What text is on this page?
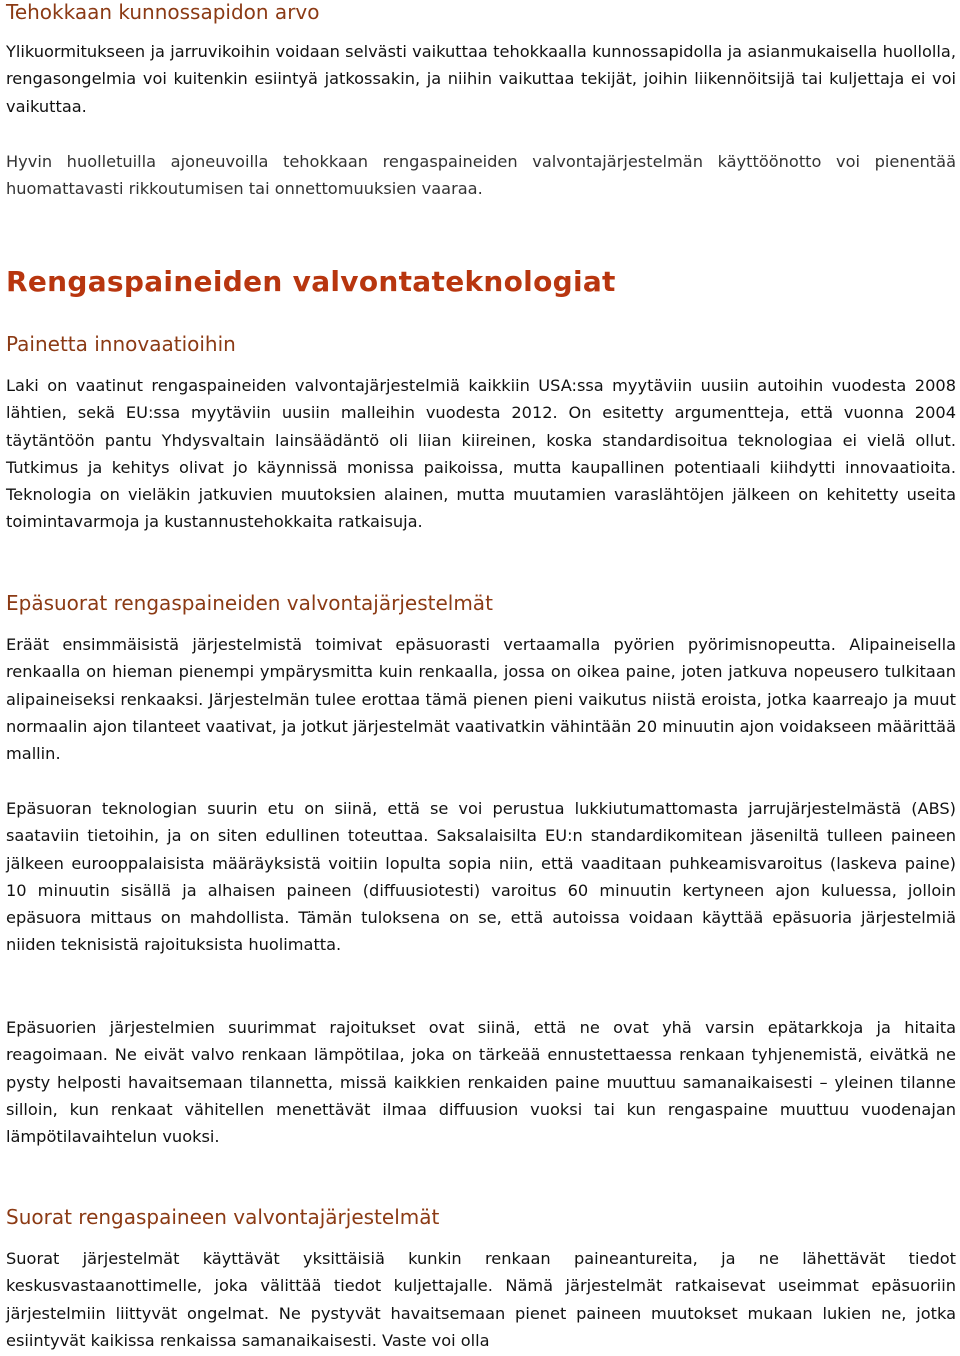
Tehokkaan kunnossapidon arvo

Ylikuormitukseen ja jarruvikoihin voidaan selvästi vaikuttaa tehokkaalla kunnossapidolla ja asianmukaisella huollolla, rengasongelmia voi kuitenkin esiintyä jatkossakin, ja niihin vaikuttaa tekijät, joihin liikennöitsijä tai kuljettaja ei voi vaikuttaa.

Hyvin huolletuilla ajoneuvoilla tehokkaan rengaspaineiden valvontajärjestelmän käyttöönotto voi pienentää huomattavasti rikkoutumisen tai onnettomuuksien vaaraa.

Rengaspaineiden valvontateknologiat
Painetta innovaatioihin

Laki on vaatinut rengaspaineiden valvontajärjestelmiä kaikkiin USA:ssa myytäviin uusiin autoihin vuodesta 2008 lähtien, sekä EU:ssa myytäviin uusiin malleihin vuodesta 2012. On esitetty argumentteja, että vuonna 2004 täytäntöön pantu Yhdysvaltain lainsäädäntö oli liian kiireinen, koska standardisoitua teknologiaa ei vielä ollut. Tutkimus ja kehitys olivat jo käynnissä monissa paikoissa, mutta kaupallinen potentiaali kiihdytti innovaatioita. Teknologia on vieläkin jatkuvien muutoksien alainen, mutta muutamien varaslähtöjen jälkeen on kehitetty useita toimintavarmoja ja kustannustehokkaita ratkaisuja.

Epäsuorat rengaspaineiden valvontajärjestelmät

Eräät ensimmäisistä järjestelmistä toimivat epäsuorasti vertaamalla pyörien pyörimisnopeutta. Alipaineisella renkaalla on hieman pienempi ympärysmitta kuin renkaalla, jossa on oikea paine, joten jatkuva nopeusero tulkitaan alipaineiseksi renkaaksi. Järjestelmän tulee erottaa tämä pienen pieni vaikutus niistä eroista, jotka kaarreajo ja muut normaalin ajon tilanteet vaativat, ja jotkut järjestelmät vaativatkin vähintään 20 minuutin ajon voidakseen määrittää mallin.

Epäsuoran teknologian suurin etu on siinä, että se voi perustua lukkiutumattomasta jarrujärjestelmästä (ABS) saataviin tietoihin, ja on siten edullinen toteuttaa. Saksalaisilta EU:n standardikomitean jäseniltä tulleen paineen jälkeen eurooppalaisista määräyksistä voitiin lopulta sopia niin, että vaaditaan puhkeamisvaroitus (laskeva paine) 10 minuutin sisällä ja alhaisen paineen (diffuusiotesti) varoitus 60 minuutin kertyneen ajon kuluessa, jolloin epäsuora mittaus on mahdollista. Tämän tuloksena on se, että autoissa voidaan käyttää epäsuoria järjestelmiä niiden teknisistä rajoituksista huolimatta.

Epäsuorien järjestelmien suurimmat rajoitukset ovat siinä, että ne ovat yhä varsin epätarkkoja ja hitaita reagoimaan. Ne eivät valvo renkaan lämpötilaa, joka on tärkeää ennustettaessa renkaan tyhjenemistä, eivätkä ne pysty helposti havaitsemaan tilannetta, missä kaikkien renkaiden paine muuttuu samanaikaisesti – yleinen tilanne silloin, kun renkaat vähitellen menettävät ilmaa diffuusion vuoksi tai kun rengaspaine muuttuu vuodenajan lämpötilavaihtelun vuoksi.

Suorat rengaspaineen valvontajärjestelmät

Suorat järjestelmät käyttävät yksittäisiä kunkin renkaan paineantureita, ja ne lähettävät tiedot keskusvastaanottimelle, joka välittää tiedot kuljettajalle. Nämä järjestelmät ratkaisevat useimmat epäsuoriin järjestelmiin liittyvät ongelmat. Ne pystyvät havaitsemaan pienet paineen muutokset mukaan lukien ne, jotka esiintyvät kaikissa renkaissa samanaikaisesti. Vaste voi olla
